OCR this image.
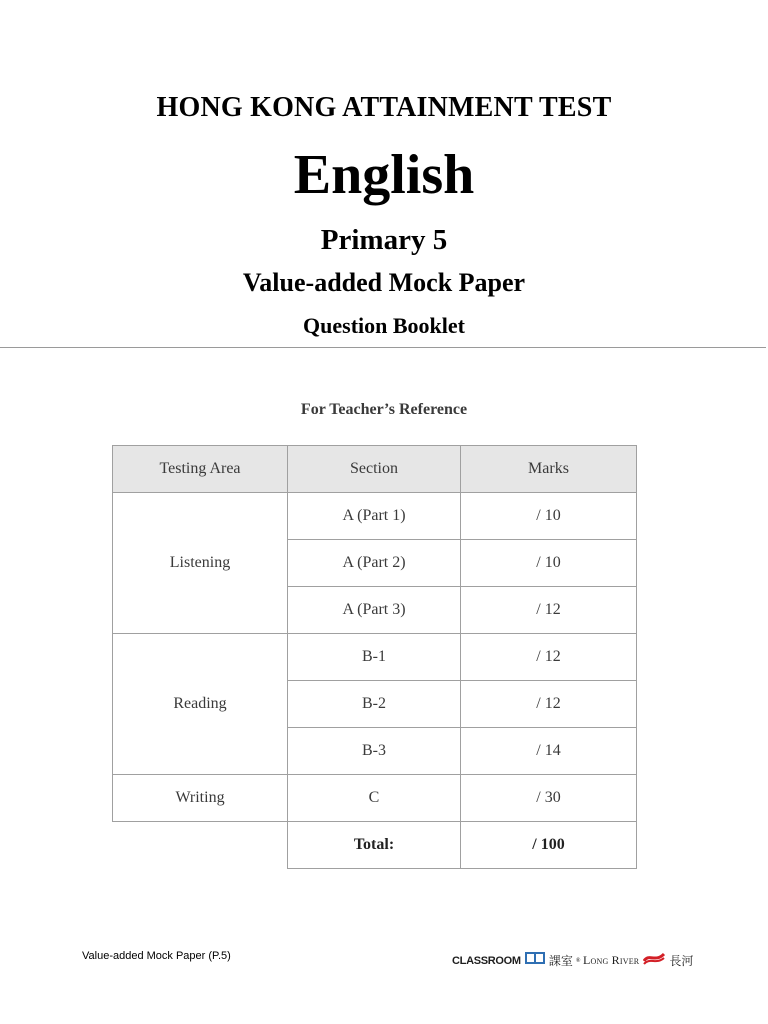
HONG KONG ATTAINMENT TEST
English
Primary 5
Value-added Mock Paper
Question Booklet
For Teacher’s Reference
Testing Area	Section	Marks
Listening	A (Part 1)	/ 10
	A (Part 2)	/ 10
	A (Part 3)	/ 12
Reading	B-1	/ 12
	B-2	/ 12
	B-3	/ 14
Writing	C	/ 30
	Total:	/ 100
Value-added Mock Paper (P.5)	CLASSROOM 課室 ® Long River	長河
